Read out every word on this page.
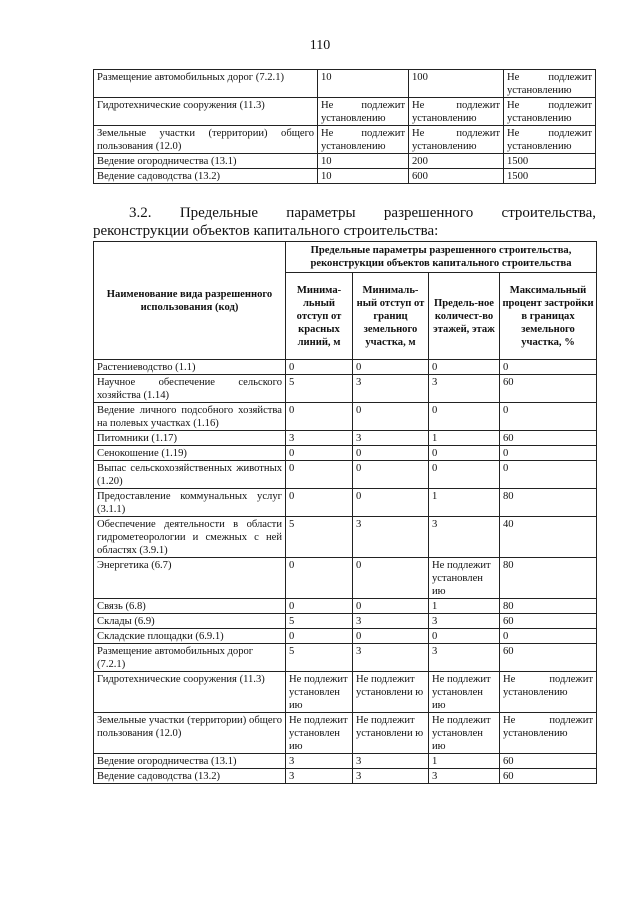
110
Размещение автомобильных дорог (7.2.1)	10	100	Не подлежит установлению
Гидротехнические сооружения (11.3)	Не подлежит установлению	Не подлежит установлению	Не подлежит установлению
Земельные участки (территории) общего пользования (12.0)	Не подлежит установлению	Не подлежит установлению	Не подлежит установлению
Ведение огородничества (13.1)	10	200	1500
Ведение садоводства (13.2)	10	600	1500
3.2. Предельные параметры разрешенного строительства,
реконструкции объектов капитального строительства:
Наименование вида разрешенного использования (код)	Предельные параметры разрешенного строительства, реконструкции объектов капитального строительства			
	Минима-льный отступ от красных линий, м	Минималь-ный отступ от границ земельного участка, м	Предель-ное количест-во этажей, этаж	Максимальный процент застройки в границах земельного участка, %
Растениеводство (1.1)	0	0	0	0
Научное обеспечение сельского хозяйства (1.14)	5	3	3	60
Ведение личного подсобного хозяйства на полевых участках (1.16)	0	0	0	0
Питомники (1.17)	3	3	1	60
Сенокошение (1.19)	0	0	0	0
Выпас сельскохозяйственных животных (1.20)	0	0	0	0
Предоставление коммунальных услуг (3.1.1)	0	0	1	80
Обеспечение деятельности в области гидрометеорологии и смежных с ней областях (3.9.1)	5	3	3	40
Энергетика (6.7)	0	0	Не подлежит установлен ию	80
Связь (6.8)	0	0	1	80
Склады (6.9)	5	3	3	60
Складские площадки (6.9.1)	0	0	0	0
Размещение автомобильных дорог (7.2.1)	5	3	3	60
Гидротехнические сооружения (11.3)	Не подлежит установлен ию	Не подлежит установлени ю	Не подлежит установлен ию	Не подлежит установлению
Земельные участки (территории) общего пользования (12.0)	Не подлежит установлен ию	Не подлежит установлени ю	Не подлежит установлен ию	Не подлежит установлению
Ведение огородничества (13.1)	3	3	1	60
Ведение садоводства (13.2)	3	3	3	60
